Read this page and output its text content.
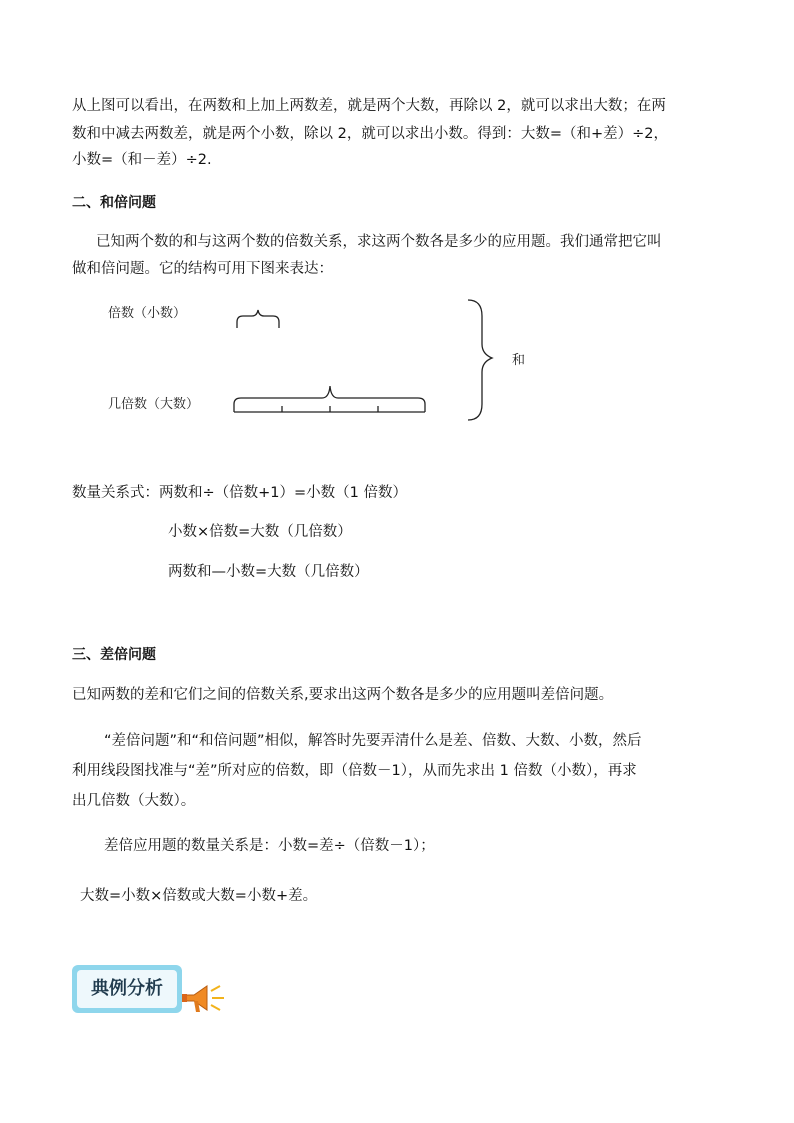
从上图可以看出，在两数和上加上两数差，就是两个大数，再除以 2，就可以求出大数；在两
数和中减去两数差，就是两个小数，除以 2，就可以求出小数。得到：大数=（和+差）÷2，
小数=（和－差）÷2.
二、和倍问题
已知两个数的和与这两个数的倍数关系，求这两个数各是多少的应用题。我们通常把它叫
做和倍问题。它的结构可用下图来表达：
倍数（小数）
几倍数（大数）
和
数量关系式：两数和÷（倍数+1）=小数（1 倍数）
小数×倍数=大数（几倍数）
两数和—小数=大数（几倍数）
三、差倍问题
已知两数的差和它们之间的倍数关系,要求出这两个数各是多少的应用题叫差倍问题。
“差倍问题”和“和倍问题”相似，解答时先要弄清什么是差、倍数、大数、小数，然后
利用线段图找准与“差”所对应的倍数，即（倍数－1），从而先求出 1 倍数（小数），再求
出几倍数（大数）。
差倍应用题的数量关系是：小数=差÷（倍数－1）；
大数=小数×倍数或大数=小数+差。
典例分析
